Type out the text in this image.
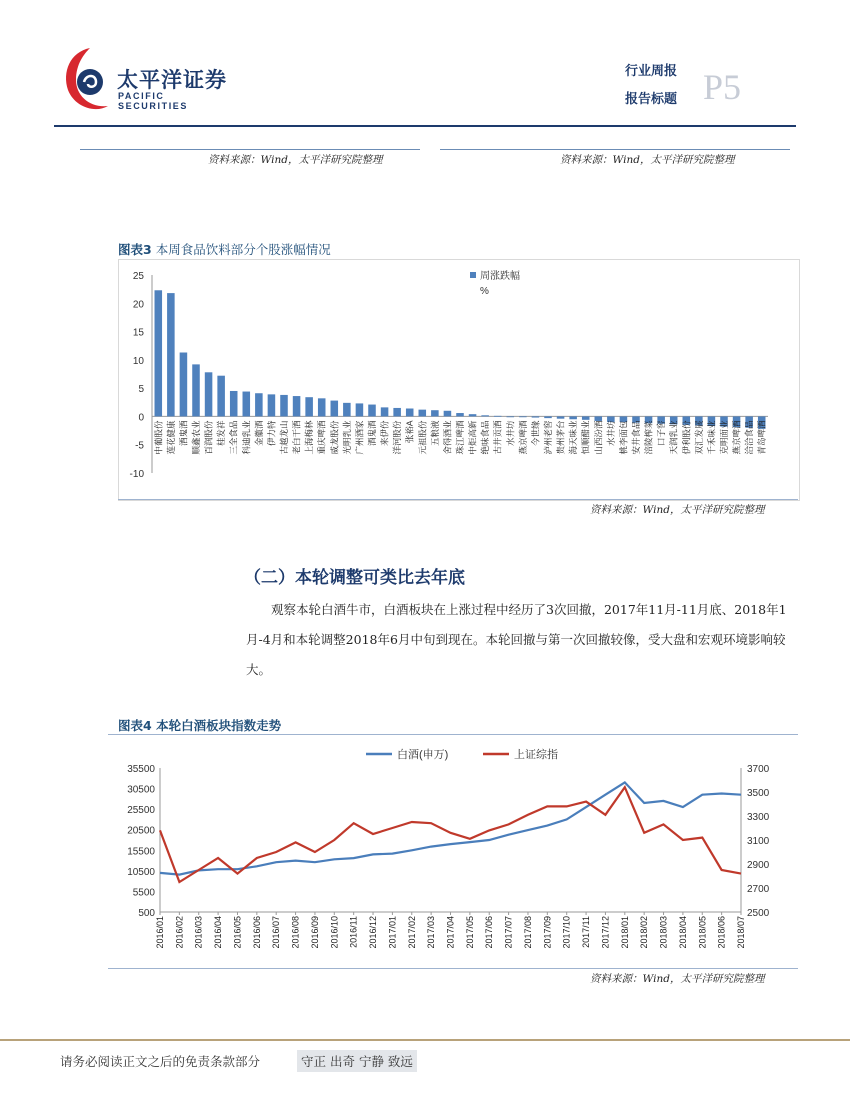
太平洋证券
PACIFIC SECURITIES
行业周报
报告标题 P5
资料来源：Wind，太平洋研究院整理	资料来源：Wind，太平洋研究院整理
图表3 本周食品饮料部分个股涨幅情况
-10
-5
0
5
10
15
20
25
中葡股份 莲花健康 酒鬼酒 顺鑫农业 百润股份 桂发祥 三全食品 科迪乳业 金徽酒 伊力特 古越龙山 老白干酒 上海梅林 重庆啤酒 威龙股份 光明乳业 广州酒家 酒鬼酒 来伊份 洋河股份 张裕A 元祖股份 五粮液 舍得酒业 珠江啤酒 中炬高新 绝味食品 古井贡酒 水井坊 燕京啤酒 今世缘 泸州老窖 贵州茅台 海天味业 恒顺醋业 山西汾酒 水井坊 桃李面包 安井食品 涪陵榨菜 口子窖 天润乳业 伊利股份 双汇发展 千禾味业 克明面业 燕京啤酒 洽洽食品 青岛啤酒
周涨跌幅
%
资料来源：Wind，太平洋研究院整理
（二）本轮调整可类比去年底
观察本轮白酒牛市，白酒板块在上涨过程中经历了3次回撤，2017年11月-11月底、2018年1月-4月和本轮调整2018年6月中旬到现在。本轮回撤与第一次回撤较像，受大盘和宏观环境影响较大。
图表4 本轮白酒板块指数走势
500
5500
10500
15500
20500
25500
30500
35500
2500
2700
2900
3100
3300
3500
3700
2016/01 2016/02 2016/03 2016/04 2016/05 2016/06 2016/07 2016/08 2016/09 2016/10 2016/11 2016/12 2017/01 2017/02 2017/03 2017/04 2017/05 2017/06 2017/07 2017/08 2017/09 2017/10 2017/11 2017/12 2018/01 2018/02 2018/03 2018/04 2018/05 2018/06 2018/07
白酒(申万)	上证综指
资料来源：Wind，太平洋研究院整理
请务必阅读正文之后的免责条款部分	守正 出奇 宁静 致远
